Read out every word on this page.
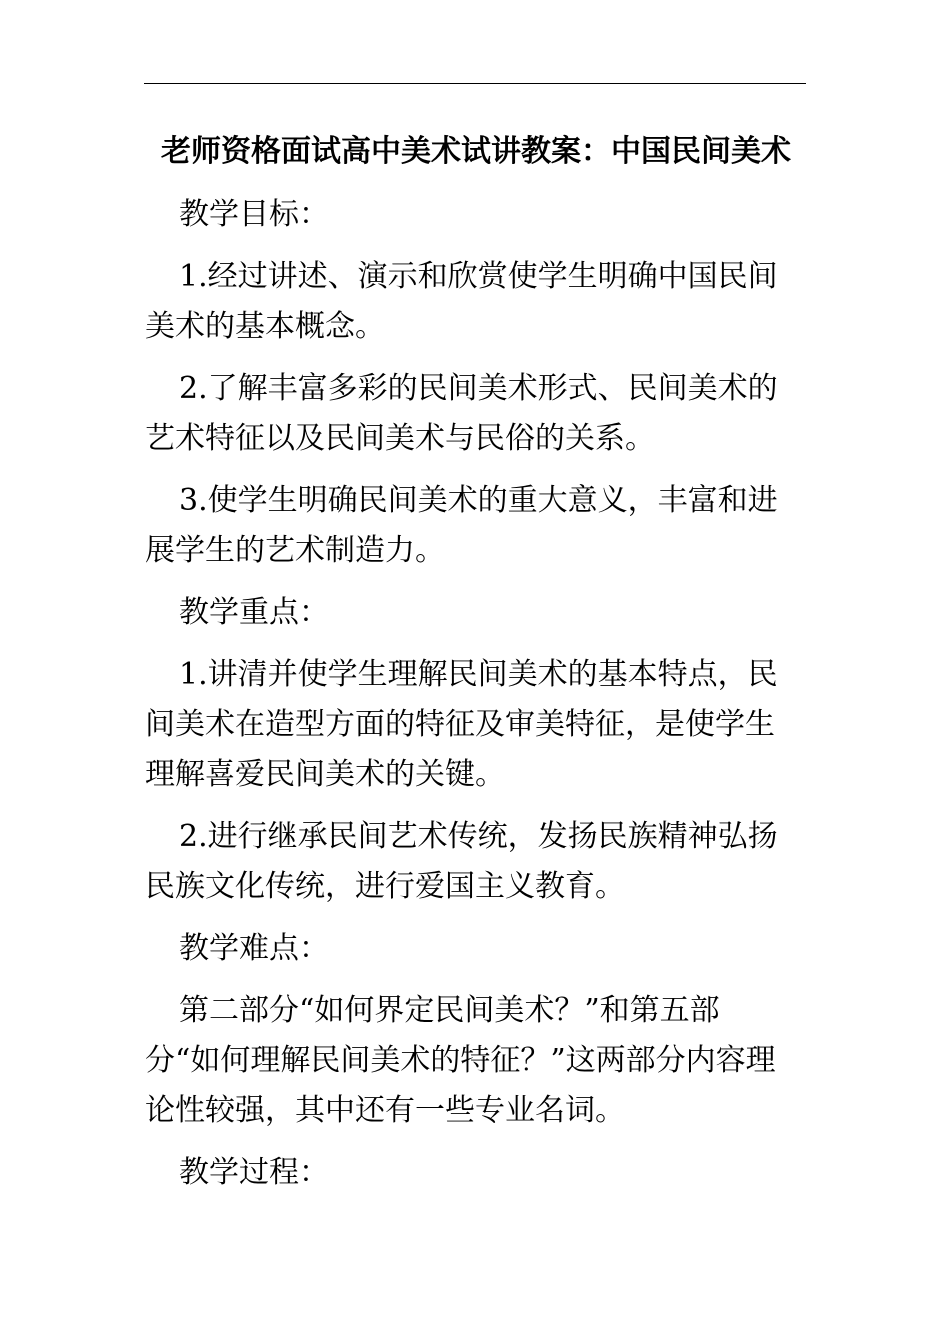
老师资格面试高中美术试讲教案：中国民间美术

教学目标：

1.经过讲述、演示和欣赏使学生明确中国民间美术的基本概念。

2.了解丰富多彩的民间美术形式、民间美术的艺术特征以及民间美术与民俗的关系。

3.使学生明确民间美术的重大意义，丰富和进展学生的艺术制造力。

教学重点：

1.讲清并使学生理解民间美术的基本特点，民间美术在造型方面的特征及审美特征，是使学生理解喜爱民间美术的关键。

2.进行继承民间艺术传统，发扬民族精神弘扬民族文化传统，进行爱国主义教育。

教学难点：

第二部分“如何界定民间美术？”和第五部分“如何理解民间美术的特征？”这两部分内容理论性较强，其中还有一些专业名词。

教学过程：
